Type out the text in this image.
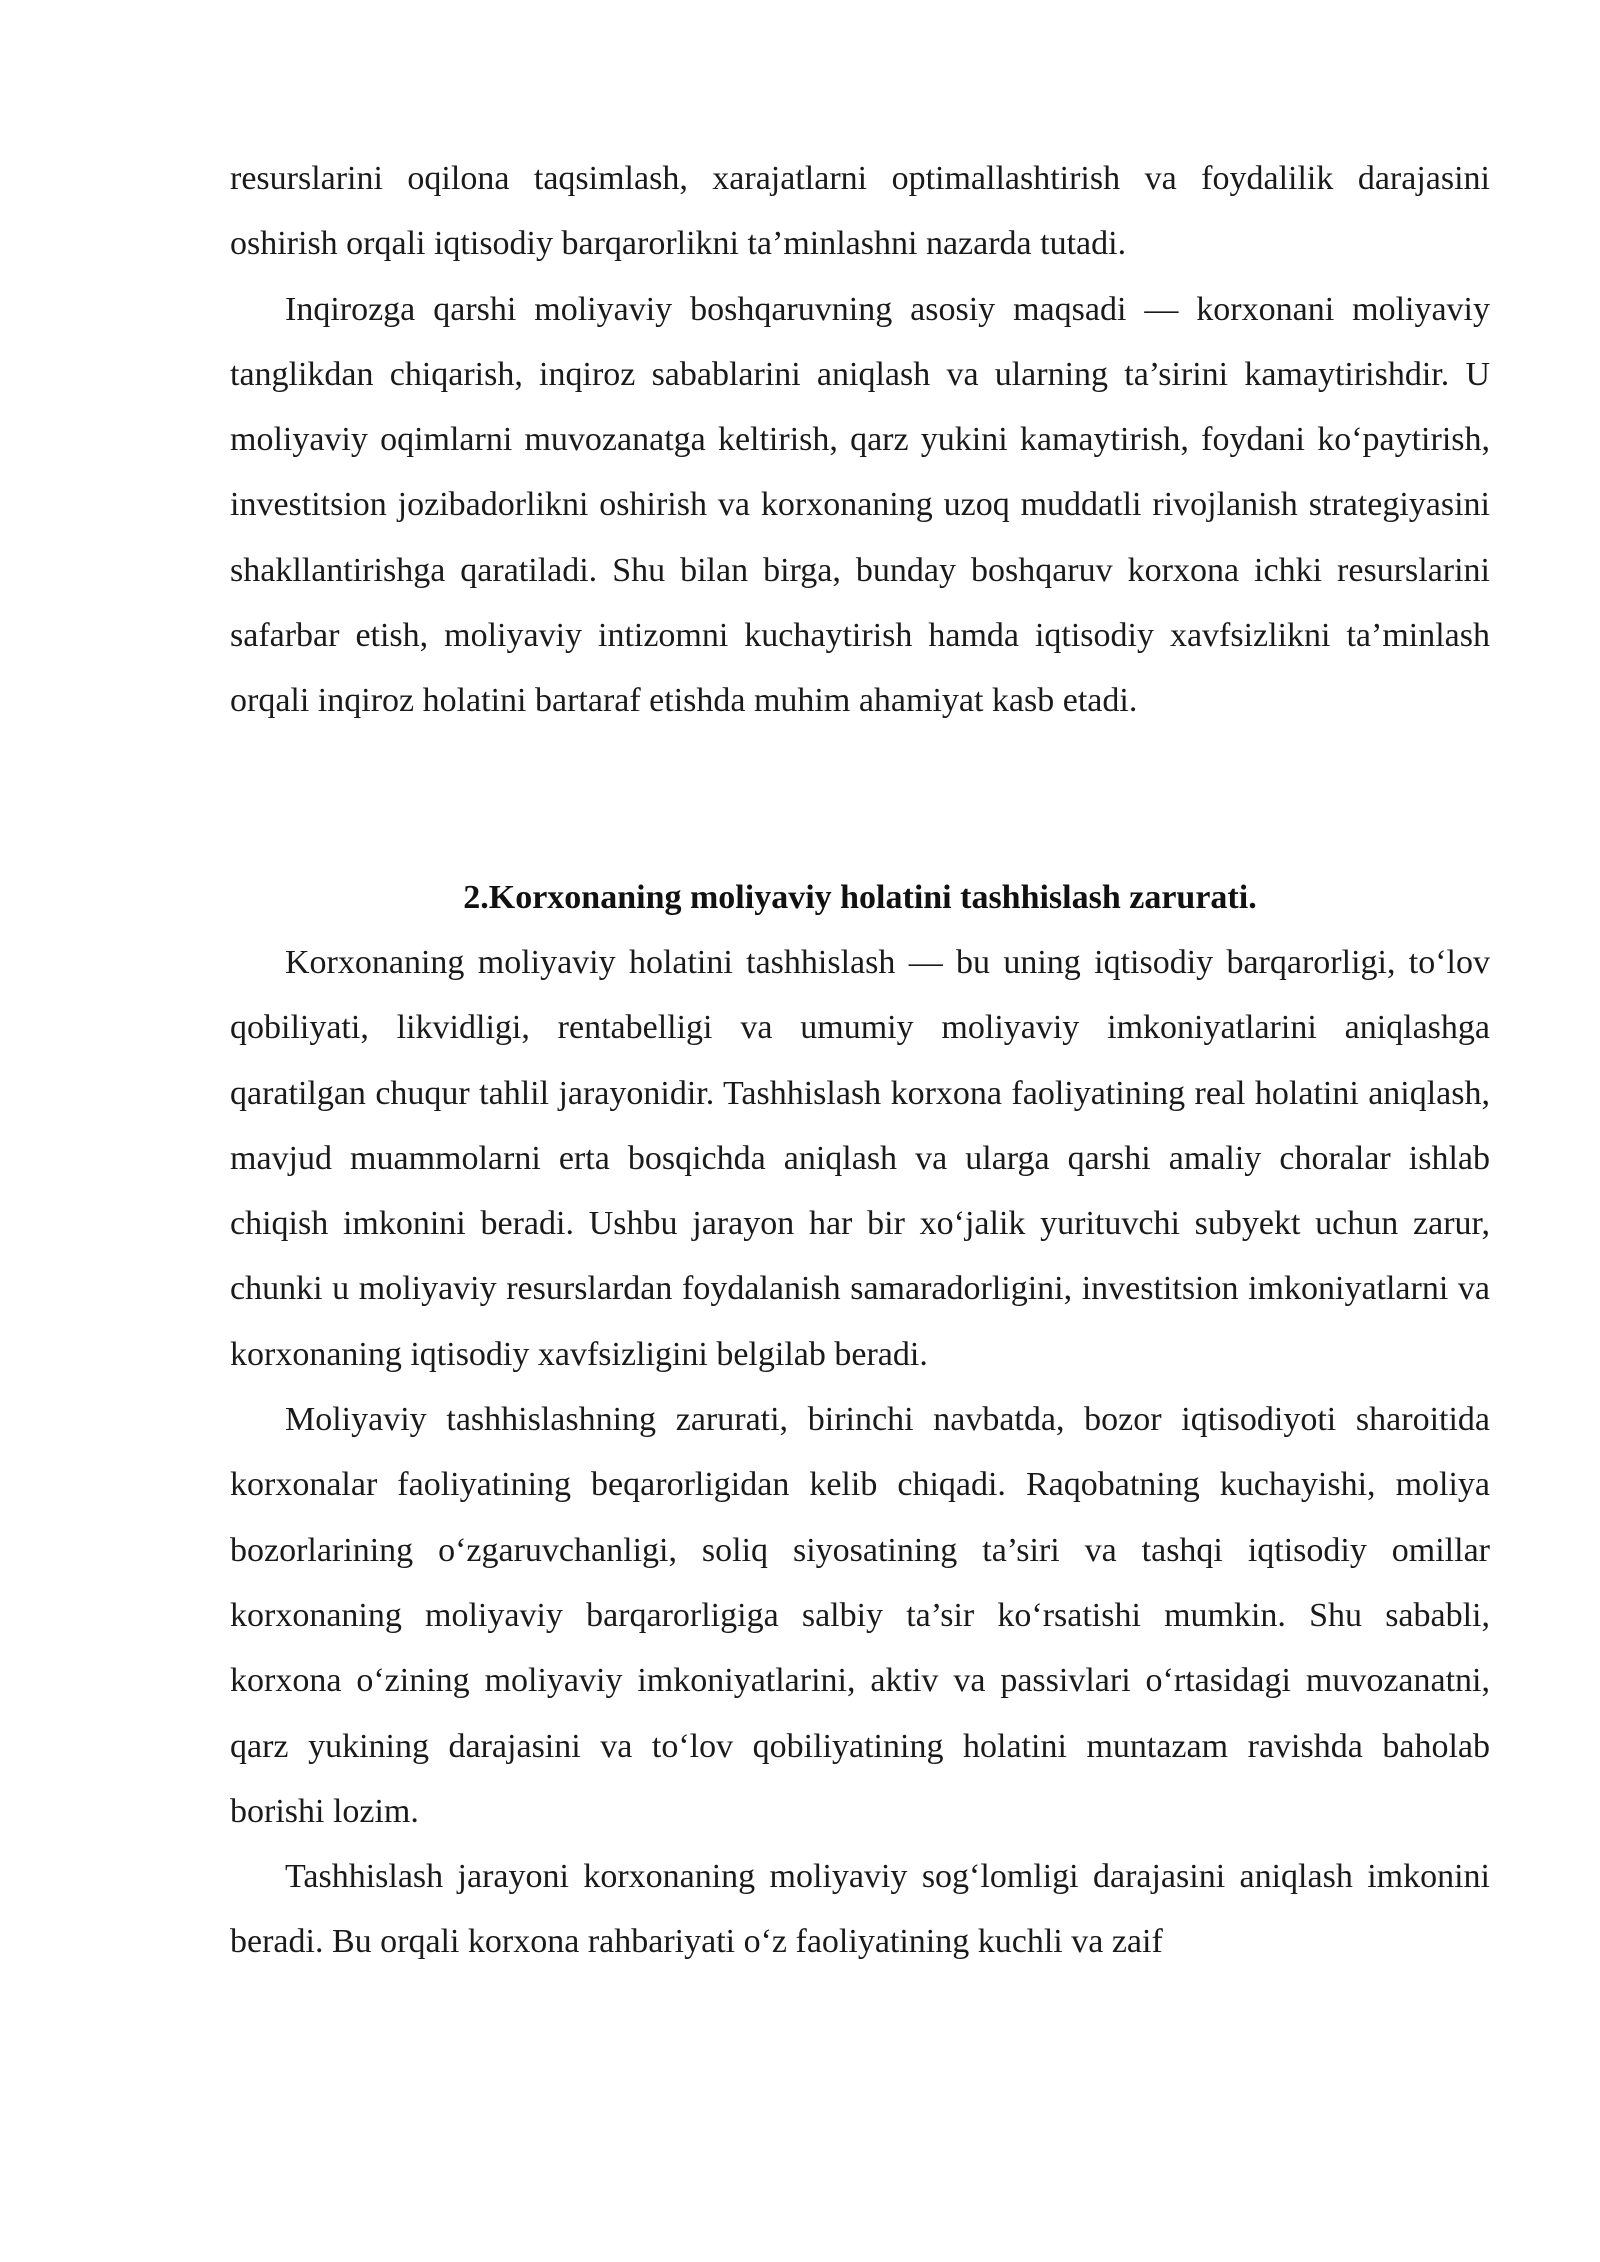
resurslarini oqilona taqsimlash, xarajatlarni optimallashtirish va foydalilik darajasini oshirish orqali iqtisodiy barqarorlikni ta’minlashni nazarda tutadi.

Inqirozga qarshi moliyaviy boshqaruvning asosiy maqsadi — korxonani moliyaviy tanglikdan chiqarish, inqiroz sabablarini aniqlash va ularning ta’sirini kamaytirishdir. U moliyaviy oqimlarni muvozanatga keltirish, qarz yukini kamaytirish, foydani ko‘paytirish, investitsion jozibadorlikni oshirish va korxonaning uzoq muddatli rivojlanish strategiyasini shakllantirishga qaratiladi. Shu bilan birga, bunday boshqaruv korxona ichki resurslarini safarbar etish, moliyaviy intizomni kuchaytirish hamda iqtisodiy xavfsizlikni ta’minlash orqali inqiroz holatini bartaraf etishda muhim ahamiyat kasb etadi.

2.Korxonaning moliyaviy holatini tashhislash zarurati.

Korxonaning moliyaviy holatini tashhislash — bu uning iqtisodiy barqarorligi, to‘lov qobiliyati, likvidligi, rentabelligi va umumiy moliyaviy imkoniyatlarini aniqlashga qaratilgan chuqur tahlil jarayonidir. Tashhislash korxona faoliyatining real holatini aniqlash, mavjud muammolarni erta bosqichda aniqlash va ularga qarshi amaliy choralar ishlab chiqish imkonini beradi. Ushbu jarayon har bir xo‘jalik yurituvchi subyekt uchun zarur, chunki u moliyaviy resurslardan foydalanish samaradorligini, investitsion imkoniyatlarni va korxonaning iqtisodiy xavfsizligini belgilab beradi.

Moliyaviy tashhislashning zarurati, birinchi navbatda, bozor iqtisodiyoti sharoitida korxonalar faoliyatining beqarorligidan kelib chiqadi. Raqobatning kuchayishi, moliya bozorlarining o‘zgaruvchanligi, soliq siyosatining ta’siri va tashqi iqtisodiy omillar korxonaning moliyaviy barqarorligiga salbiy ta’sir ko‘rsatishi mumkin. Shu sababli, korxona o‘zining moliyaviy imkoniyatlarini, aktiv va passivlari o‘rtasidagi muvozanatni, qarz yukining darajasini va to‘lov qobiliyatining holatini muntazam ravishda baholab borishi lozim.

Tashhislash jarayoni korxonaning moliyaviy sog‘lomligi darajasini aniqlash imkonini beradi. Bu orqali korxona rahbariyati o‘z faoliyatining kuchli va zaif
